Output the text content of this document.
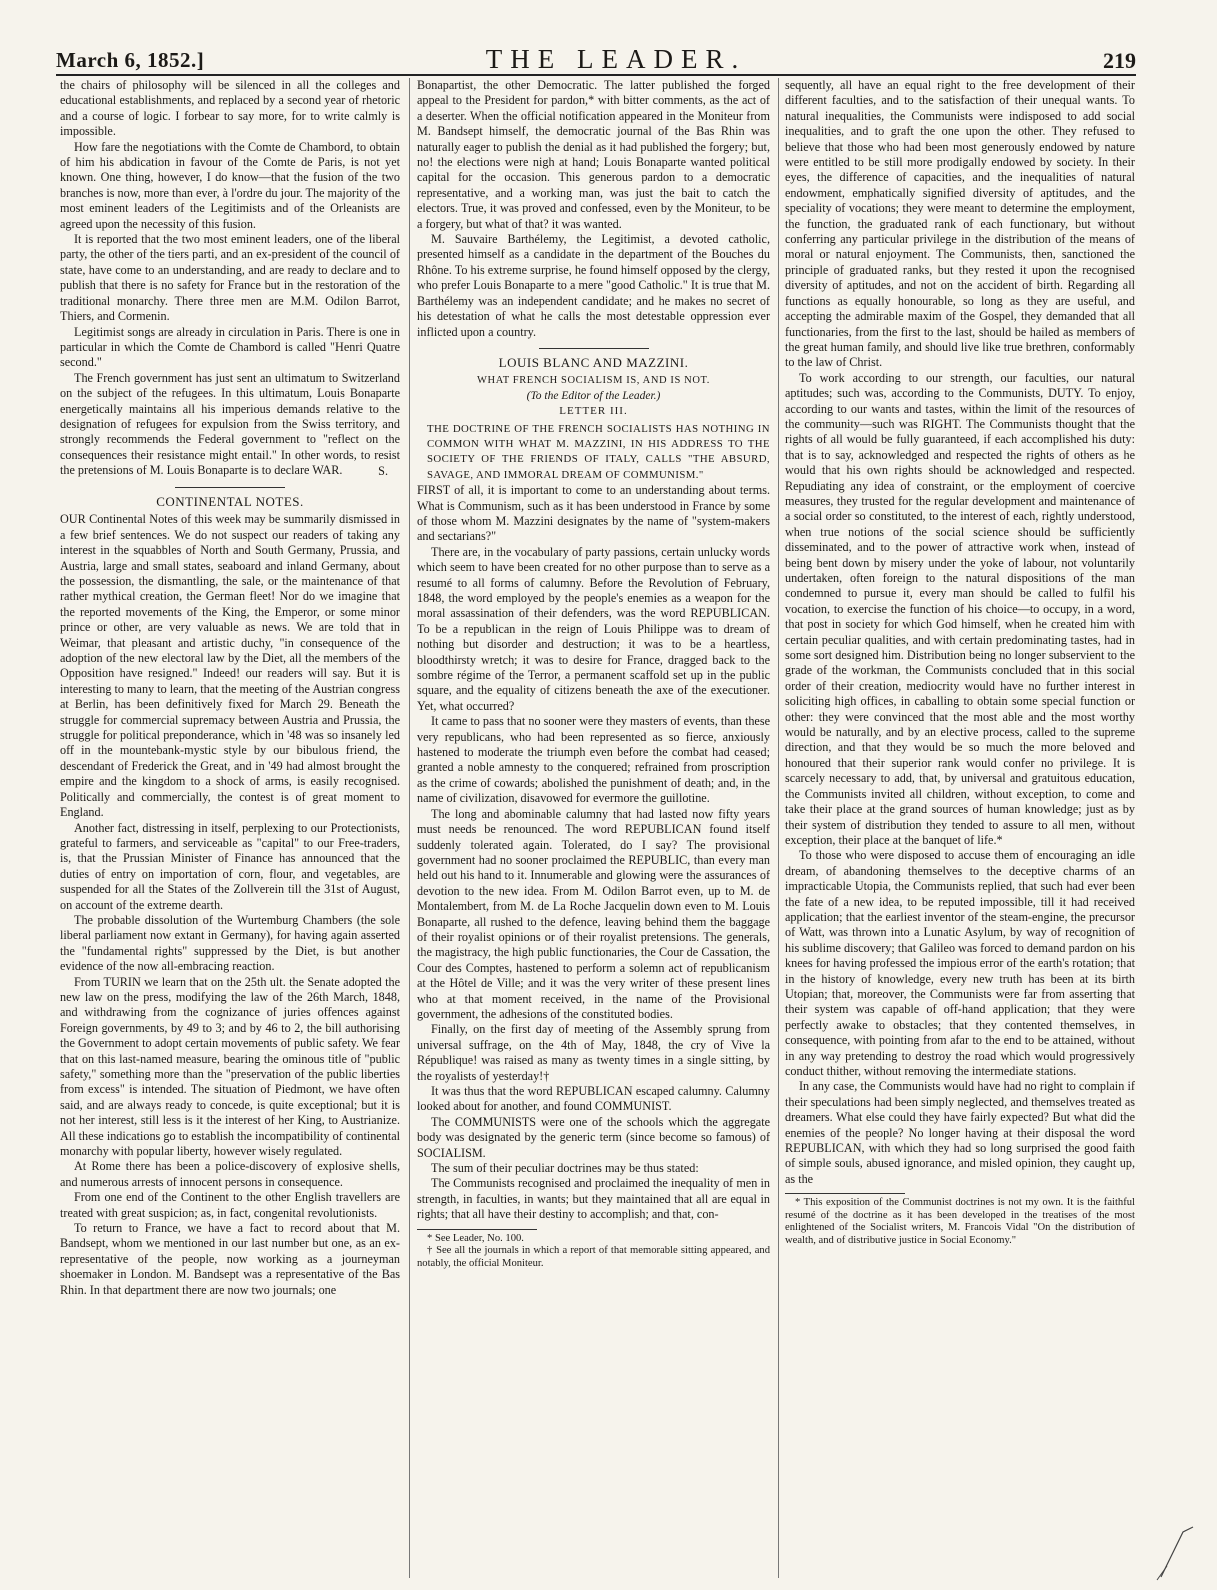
March 6, 1852.]	THE LEADER.	219

the chairs of philosophy will be silenced in all the colleges and educational establishments, and replaced by a second year of rhetoric and a course of logic. I forbear to say more, for to write calmly is impossible.

How fare the negotiations with the Comte de Chambord, to obtain of him his abdication in favour of the Comte de Paris, is not yet known. One thing, however, I do know—that the fusion of the two branches is now, more than ever, à l'ordre du jour. The majority of the most eminent leaders of the Legitimists and of the Orleanists are agreed upon the necessity of this fusion.

It is reported that the two most eminent leaders, one of the liberal party, the other of the tiers parti, and an ex-president of the council of state, have come to an understanding, and are ready to declare and to publish that there is no safety for France but in the restoration of the traditional monarchy. There three men are M.M. Odilon Barrot, Thiers, and Cormenin.

Legitimist songs are already in circulation in Paris. There is one in particular in which the Comte de Chambord is called "Henri Quatre second."

The French government has just sent an ultimatum to Switzerland on the subject of the refugees. In this ultimatum, Louis Bonaparte energetically maintains all his imperious demands relative to the designation of refugees for expulsion from the Swiss territory, and strongly recommends the Federal government to "reflect on the consequences their resistance might entail." In other words, to resist the pretensions of M. Louis Bonaparte is to declare WAR.	S.
CONTINENTAL NOTES.

OUR Continental Notes of this week may be summarily dismissed in a few brief sentences. We do not suspect our readers of taking any interest in the squabbles of North and South Germany, Prussia, and Austria, large and small states, seaboard and inland Germany, about the possession, the dismantling, the sale, or the maintenance of that rather mythical creation, the German fleet! Nor do we imagine that the reported movements of the King, the Emperor, or some minor prince or other, are very valuable as news. We are told that in Weimar, that pleasant and artistic duchy, "in consequence of the adoption of the new electoral law by the Diet, all the members of the Opposition have resigned." Indeed! our readers will say. But it is interesting to many to learn, that the meeting of the Austrian congress at Berlin, has been definitively fixed for March 29. Beneath the struggle for commercial supremacy between Austria and Prussia, the struggle for political preponderance, which in '48 was so insanely led off in the mountebank-mystic style by our bibulous friend, the descendant of Frederick the Great, and in '49 had almost brought the empire and the kingdom to a shock of arms, is easily recognised. Politically and commercially, the contest is of great moment to England.

Another fact, distressing in itself, perplexing to our Protectionists, grateful to farmers, and serviceable as "capital" to our Free-traders, is, that the Prussian Minister of Finance has announced that the duties of entry on importation of corn, flour, and vegetables, are suspended for all the States of the Zollverein till the 31st of August, on account of the extreme dearth.

The probable dissolution of the Wurtemburg Chambers (the sole liberal parliament now extant in Germany), for having again asserted the "fundamental rights" suppressed by the Diet, is but another evidence of the now all-embracing reaction.

From TURIN we learn that on the 25th ult. the Senate adopted the new law on the press, modifying the law of the 26th March, 1848, and withdrawing from the cognizance of juries offences against Foreign governments, by 49 to 3; and by 46 to 2, the bill authorising the Government to adopt certain movements of public safety. We fear that on this last-named measure, bearing the ominous title of "public safety," something more than the "preservation of the public liberties from excess" is intended. The situation of Piedmont, we have often said, and are always ready to concede, is quite exceptional; but it is not her interest, still less is it the interest of her King, to Austrianize. All these indications go to establish the incompatibility of continental monarchy with popular liberty, however wisely regulated.

At Rome there has been a police-discovery of explosive shells, and numerous arrests of innocent persons in consequence.

From one end of the Continent to the other English travellers are treated with great suspicion; as, in fact, congenital revolutionists.

To return to France, we have a fact to record about that M. Bandsept, whom we mentioned in our last number but one, as an ex-representative of the people, now working as a journeyman shoemaker in London. M. Bandsept was a representative of the Bas Rhin. In that department there are now two journals; one

Bonapartist, the other Democratic. The latter published the forged appeal to the President for pardon,* with bitter comments, as the act of a deserter. When the official notification appeared in the Moniteur from M. Bandsept himself, the democratic journal of the Bas Rhin was naturally eager to publish the denial as it had published the forgery; but, no! the elections were nigh at hand; Louis Bonaparte wanted political capital for the occasion. This generous pardon to a democratic representative, and a working man, was just the bait to catch the electors. True, it was proved and confessed, even by the Moniteur, to be a forgery, but what of that? it was wanted.

M. Sauvaire Barthélemy, the Legitimist, a devoted catholic, presented himself as a candidate in the department of the Bouches du Rhône. To his extreme surprise, he found himself opposed by the clergy, who prefer Louis Bonaparte to a mere "good Catholic." It is true that M. Barthélemy was an independent candidate; and he makes no secret of his detestation of what he calls the most detestable oppression ever inflicted upon a country.

LOUIS BLANC AND MAZZINI.
WHAT FRENCH SOCIALISM IS, AND IS NOT.
(To the Editor of the Leader.)
LETTER III.

THE DOCTRINE OF THE FRENCH SOCIALISTS HAS NOTHING IN COMMON WITH WHAT M. MAZZINI, IN HIS ADDRESS TO THE SOCIETY OF THE FRIENDS OF ITALY, CALLS "THE ABSURD, SAVAGE, AND IMMORAL DREAM OF COMMUNISM."

FIRST of all, it is important to come to an understanding about terms. What is Communism, such as it has been understood in France by some of those whom M. Mazzini designates by the name of "system-makers and sectarians?"

There are, in the vocabulary of party passions, certain unlucky words which seem to have been created for no other purpose than to serve as a resumé to all forms of calumny. Before the Revolution of February, 1848, the word employed by the people's enemies as a weapon for the moral assassination of their defenders, was the word REPUBLICAN. To be a republican in the reign of Louis Philippe was to dream of nothing but disorder and destruction; it was to be a heartless, bloodthirsty wretch; it was to desire for France, dragged back to the sombre régime of the Terror, a permanent scaffold set up in the public square, and the equality of citizens beneath the axe of the executioner. Yet, what occurred?

It came to pass that no sooner were they masters of events, than these very republicans, who had been represented as so fierce, anxiously hastened to moderate the triumph even before the combat had ceased; granted a noble amnesty to the conquered; refrained from proscription as the crime of cowards; abolished the punishment of death; and, in the name of civilization, disavowed for evermore the guillotine.

The long and abominable calumny that had lasted now fifty years must needs be renounced. The word REPUBLICAN found itself suddenly tolerated again. Tolerated, do I say? The provisional government had no sooner proclaimed the REPUBLIC, than every man held out his hand to it. Innumerable and glowing were the assurances of devotion to the new idea. From M. Odilon Barrot even, up to M. de Montalembert, from M. de La Roche Jacquelin down even to M. Louis Bonaparte, all rushed to the defence, leaving behind them the baggage of their royalist opinions or of their royalist pretensions. The generals, the magistracy, the high public functionaries, the Cour de Cassation, the Cour des Comptes, hastened to perform a solemn act of republicanism at the Hôtel de Ville; and it was the very writer of these present lines who at that moment received, in the name of the Provisional government, the adhesions of the constituted bodies.

Finally, on the first day of meeting of the Assembly sprung from universal suffrage, on the 4th of May, 1848, the cry of Vive la République! was raised as many as twenty times in a single sitting, by the royalists of yesterday!†

It was thus that the word REPUBLICAN escaped calumny. Calumny looked about for another, and found COMMUNIST.

The COMMUNISTS were one of the schools which the aggregate body was designated by the generic term (since become so famous) of SOCIALISM.

The sum of their peculiar doctrines may be thus stated:

The Communists recognised and proclaimed the inequality of men in strength, in faculties, in wants; but they maintained that all are equal in rights; that all have their destiny to accomplish; and that, con-

* See Leader, No. 100.

† See all the journals in which a report of that memorable sitting appeared, and notably, the official Moniteur.

sequently, all have an equal right to the free development of their different faculties, and to the satisfaction of their unequal wants. To natural inequalities, the Communists were indisposed to add social inequalities, and to graft the one upon the other. They refused to believe that those who had been most generously endowed by nature were entitled to be still more prodigally endowed by society. In their eyes, the difference of capacities, and the inequalities of natural endowment, emphatically signified diversity of aptitudes, and the speciality of vocations; they were meant to determine the employment, the function, the graduated rank of each functionary, but without conferring any particular privilege in the distribution of the means of moral or natural enjoyment. The Communists, then, sanctioned the principle of graduated ranks, but they rested it upon the recognised diversity of aptitudes, and not on the accident of birth. Regarding all functions as equally honourable, so long as they are useful, and accepting the admirable maxim of the Gospel, they demanded that all functionaries, from the first to the last, should be hailed as members of the great human family, and should live like true brethren, conformably to the law of Christ.

To work according to our strength, our faculties, our natural aptitudes; such was, according to the Communists, DUTY. To enjoy, according to our wants and tastes, within the limit of the resources of the community—such was RIGHT. The Communists thought that the rights of all would be fully guaranteed, if each accomplished his duty: that is to say, acknowledged and respected the rights of others as he would that his own rights should be acknowledged and respected. Repudiating any idea of constraint, or the employment of coercive measures, they trusted for the regular development and maintenance of a social order so constituted, to the interest of each, rightly understood, when true notions of the social science should be sufficiently disseminated, and to the power of attractive work when, instead of being bent down by misery under the yoke of labour, not voluntarily undertaken, often foreign to the natural dispositions of the man condemned to pursue it, every man should be called to fulfil his vocation, to exercise the function of his choice—to occupy, in a word, that post in society for which God himself, when he created him with certain peculiar qualities, and with certain predominating tastes, had in some sort designed him. Distribution being no longer subservient to the grade of the workman, the Communists concluded that in this social order of their creation, mediocrity would have no further interest in soliciting high offices, in caballing to obtain some special function or other: they were convinced that the most able and the most worthy would be naturally, and by an elective process, called to the supreme direction, and that they would be so much the more beloved and honoured that their superior rank would confer no privilege. It is scarcely necessary to add, that, by universal and gratuitous education, the Communists invited all children, without exception, to come and take their place at the grand sources of human knowledge; just as by their system of distribution they tended to assure to all men, without exception, their place at the banquet of life.*

To those who were disposed to accuse them of encouraging an idle dream, of abandoning themselves to the deceptive charms of an impracticable Utopia, the Communists replied, that such had ever been the fate of a new idea, to be reputed impossible, till it had received application; that the earliest inventor of the steam-engine, the precursor of Watt, was thrown into a Lunatic Asylum, by way of recognition of his sublime discovery; that Galileo was forced to demand pardon on his knees for having professed the impious error of the earth's rotation; that in the history of knowledge, every new truth has been at its birth Utopian; that, moreover, the Communists were far from asserting that their system was capable of off-hand application; that they were perfectly awake to obstacles; that they contented themselves, in consequence, with pointing from afar to the end to be attained, without in any way pretending to destroy the road which would progressively conduct thither, without removing the intermediate stations.

In any case, the Communists would have had no right to complain if their speculations had been simply neglected, and themselves treated as dreamers. What else could they have fairly expected? But what did the enemies of the people? No longer having at their disposal the word REPUBLICAN, with which they had so long surprised the good faith of simple souls, abused ignorance, and misled opinion, they caught up, as the

* This exposition of the Communist doctrines is not my own. It is the faithful resumé of the doctrine as it has been developed in the treatises of the most enlightened of the Socialist writers, M. Francois Vidal "On the distribution of wealth, and of distributive justice in Social Economy."
